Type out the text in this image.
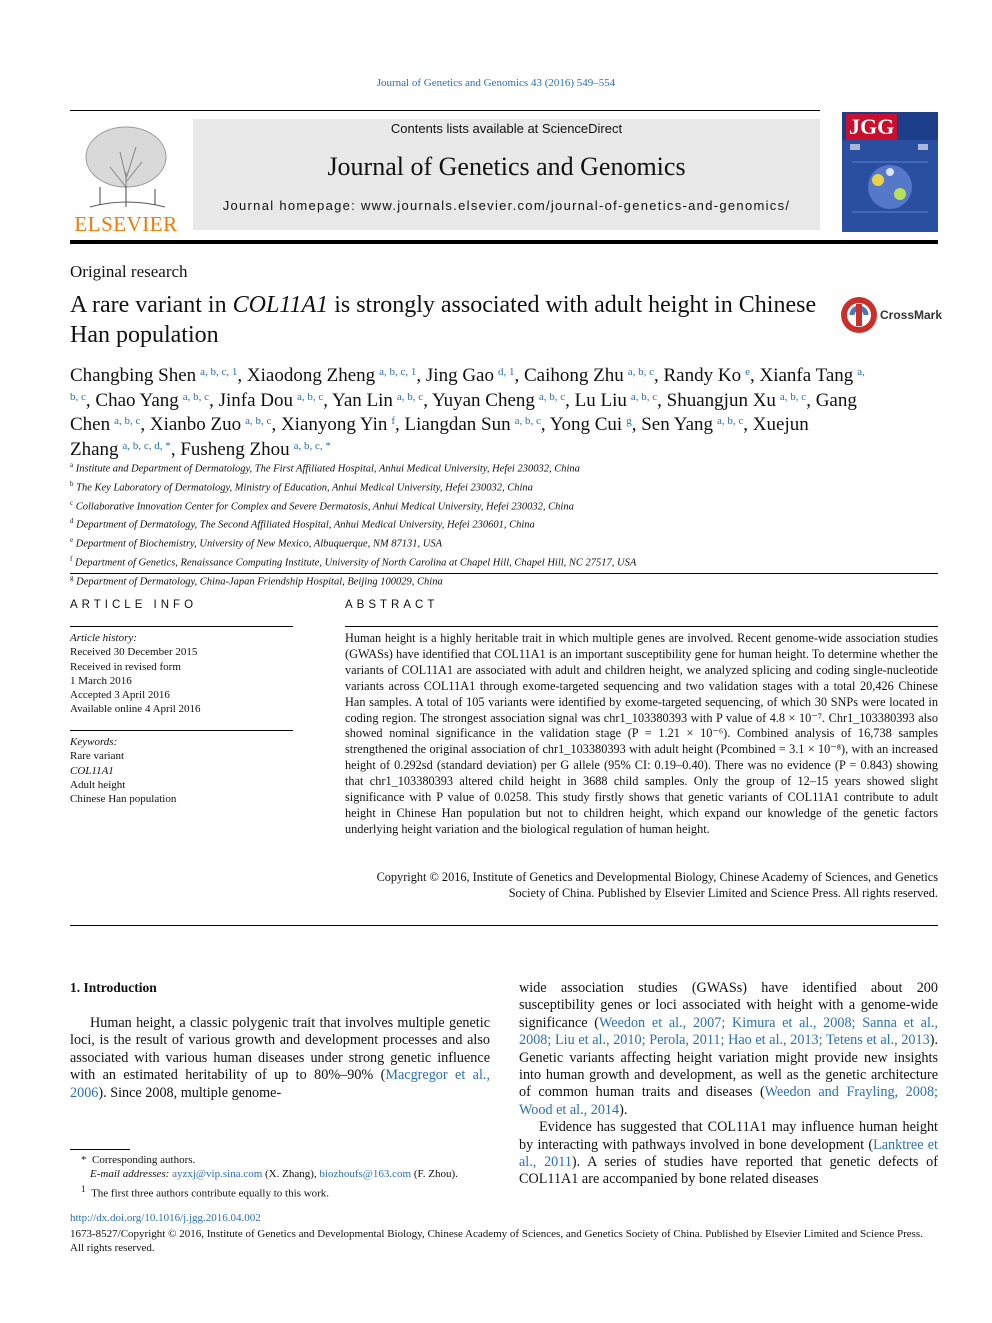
Journal of Genetics and Genomics 43 (2016) 549–554
ELSEVIER
Contents lists available at ScienceDirect
Journal of Genetics and Genomics
Journal homepage: www.journals.elsevier.com/journal-of-genetics-and-genomics/
JGG
Original research
A rare variant in COL11A1 is strongly associated with adult height in Chinese Han population
CrossMark
Changbing Shen $^{a, b, c, 1}$, Xiaodong Zheng $^{a, b, c, 1}$, Jing Gao $^{d, 1}$, Caihong Zhu $^{a, b, c}$, Randy Ko $^e$, Xianfa Tang $^{a, b, c}$, Chao Yang $^{a, b, c}$, Jinfa Dou $^{a, b, c}$, Yan Lin $^{a, b, c}$, Yuyan Cheng $^{a, b, c}$, Lu Liu $^{a, b, c}$, Shuangjun Xu $^{a, b, c}$, Gang Chen $^{a, b, c}$, Xianbo Zuo $^{a, b, c}$, Xianyong Yin $^f$, Liangdan Sun $^{a, b, c}$, Yong Cui $^g$, Sen Yang $^{a, b, c}$, Xuejun Zhang $^{a, b, c, d, *}$, Fusheng Zhou $^{a, b, c, *}$
$^a$ Institute and Department of Dermatology, The First Affiliated Hospital, Anhui Medical University, Hefei 230032, China
$^b$ The Key Laboratory of Dermatology, Ministry of Education, Anhui Medical University, Hefei 230032, China
$^c$ Collaborative Innovation Center for Complex and Severe Dermatosis, Anhui Medical University, Hefei 230032, China
$^d$ Department of Dermatology, The Second Affiliated Hospital, Anhui Medical University, Hefei 230601, China
$^e$ Department of Biochemistry, University of New Mexico, Albuquerque, NM 87131, USA
$^f$ Department of Genetics, Renaissance Computing Institute, University of North Carolina at Chapel Hill, Chapel Hill, NC 27517, USA
$^g$ Department of Dermatology, China-Japan Friendship Hospital, Beijing 100029, China
ARTICLE INFO
Article history:
Received 30 December 2015
Received in revised form
1 March 2016
Accepted 3 April 2016
Available online 4 April 2016
Keywords:
Rare variant
COL11A1
Adult height
Chinese Han population
ABSTRACT
Human height is a highly heritable trait in which multiple genes are involved. Recent genome-wide association studies (GWASs) have identified that COL11A1 is an important susceptibility gene for human height. To determine whether the variants of COL11A1 are associated with adult and children height, we analyzed splicing and coding single-nucleotide variants across COL11A1 through exome-targeted sequencing and two validation stages with a total 20,426 Chinese Han samples. A total of 105 variants were identified by exome-targeted sequencing, of which 30 SNPs were located in coding region. The strongest association signal was chr1_103380393 with P value of 4.8 × 10⁻⁷. Chr1_103380393 also showed nominal significance in the validation stage (P = 1.21 × 10⁻⁶). Combined analysis of 16,738 samples strengthened the original association of chr1_103380393 with adult height (Pcombined = 3.1 × 10⁻⁸), with an increased height of 0.292sd (standard deviation) per G allele (95% CI: 0.19–0.40). There was no evidence (P = 0.843) showing that chr1_103380393 altered child height in 3688 child samples. Only the group of 12–15 years showed slight significance with P value of 0.0258. This study firstly shows that genetic variants of COL11A1 contribute to adult height in Chinese Han population but not to children height, which expand our knowledge of the genetic factors underlying height variation and the biological regulation of human height.
Copyright © 2016, Institute of Genetics and Developmental Biology, Chinese Academy of Sciences, and Genetics Society of China. Published by Elsevier Limited and Science Press. All rights reserved.
1. Introduction
Human height, a classic polygenic trait that involves multiple genetic loci, is the result of various growth and development processes and also associated with various human diseases under strong genetic influence with an estimated heritability of up to 80%–90% (Macgregor et al., 2006). Since 2008, multiple genome-
wide association studies (GWASs) have identified about 200 susceptibility genes or loci associated with height with a genome-wide significance (Weedon et al., 2007; Kimura et al., 2008; Sanna et al., 2008; Liu et al., 2010; Perola, 2011; Hao et al., 2013; Tetens et al., 2013). Genetic variants affecting height variation might provide new insights into human growth and development, as well as the genetic architecture of common human traits and diseases (Weedon and Frayling, 2008; Wood et al., 2014).
Evidence has suggested that COL11A1 may influence human height by interacting with pathways involved in bone development (Lanktree et al., 2011). A series of studies have reported that genetic defects of COL11A1 are accompanied by bone related diseases
*  Corresponding authors.
E-mail addresses: ayzxj@vip.sina.com (X. Zhang), biozhoufs@163.com (F. Zhou).
$^1$ The first three authors contribute equally to this work.
http://dx.doi.org/10.1016/j.jgg.2016.04.002
1673-8527/Copyright © 2016, Institute of Genetics and Developmental Biology, Chinese Academy of Sciences, and Genetics Society of China. Published by Elsevier Limited and Science Press. All rights reserved.
